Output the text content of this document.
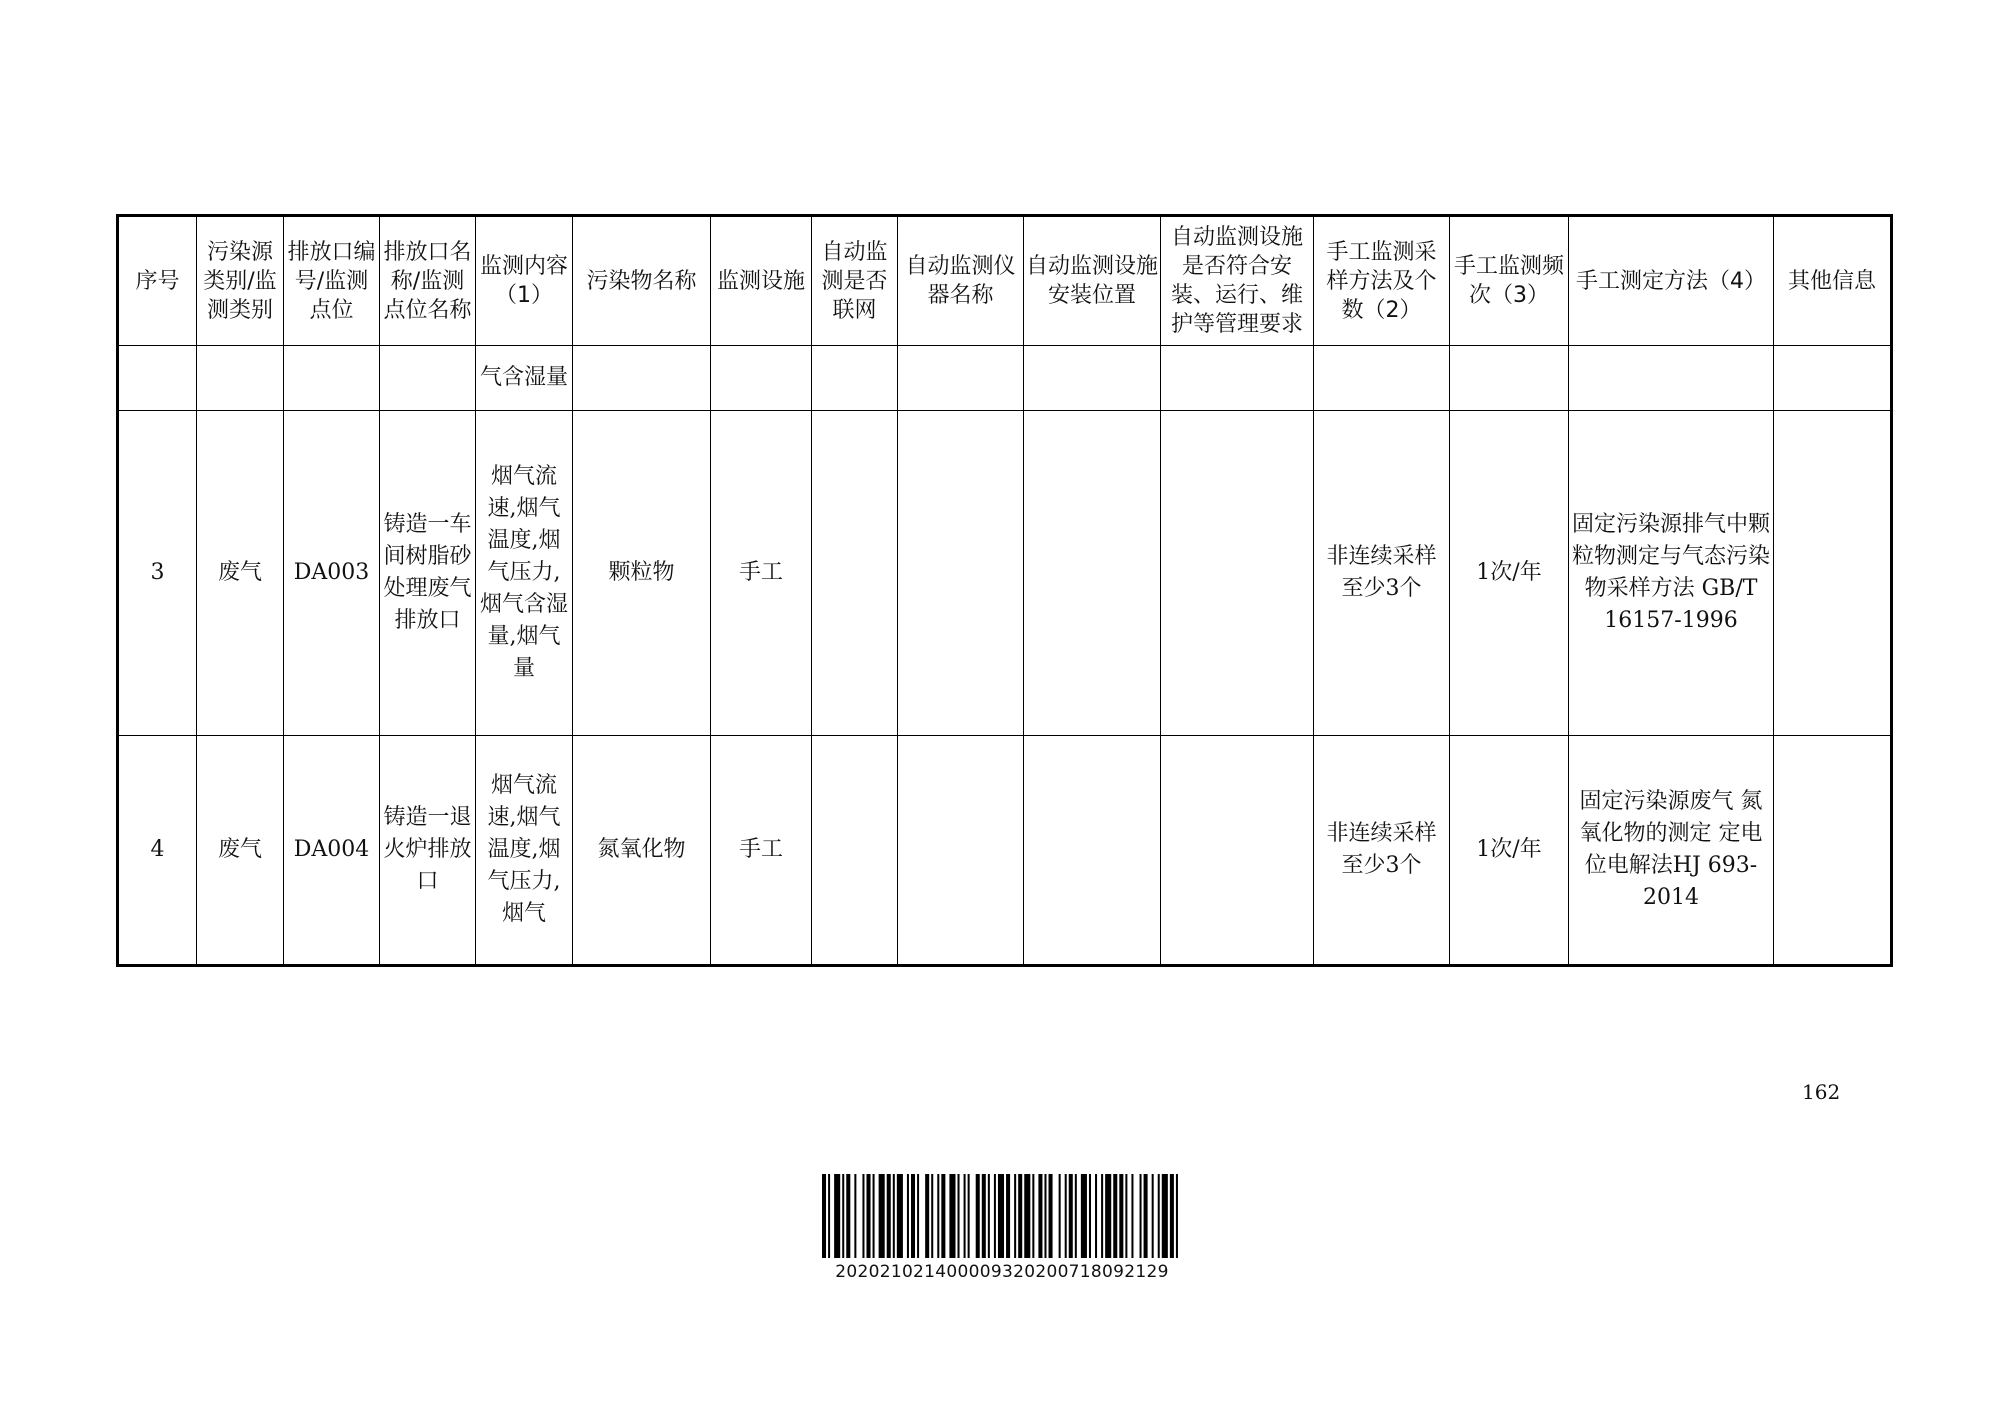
序号	污染源类别/监测类别	排放口编号/监测点位	排放口名称/监测点位名称	监测内容（1）	污染物名称	监测设施	自动监测是否联网	自动监测仪器名称	自动监测设施安装位置	自动监测设施是否符合安装、运行、维护等管理要求	手工监测采样方法及个数（2）	手工监测频次（3）	手工测定方法（4）	其他信息
				气含湿量										
3	废气	DA003	铸造一车间树脂砂处理废气排放口	烟气流速,烟气温度,烟气压力,烟气含湿量,烟气量	颗粒物	手工					非连续采样 至少3个	1次/年	固定污染源排气中颗粒物测定与气态污染物采样方法 GB/T 16157-1996	
4	废气	DA004	铸造一退火炉排放口	烟气流速,烟气温度,烟气压力,烟气	氮氧化物	手工					非连续采样 至少3个	1次/年	固定污染源废气 氮氧化物的测定 定电位电解法HJ 693-2014	
162
20202102140000932020071809212​9
